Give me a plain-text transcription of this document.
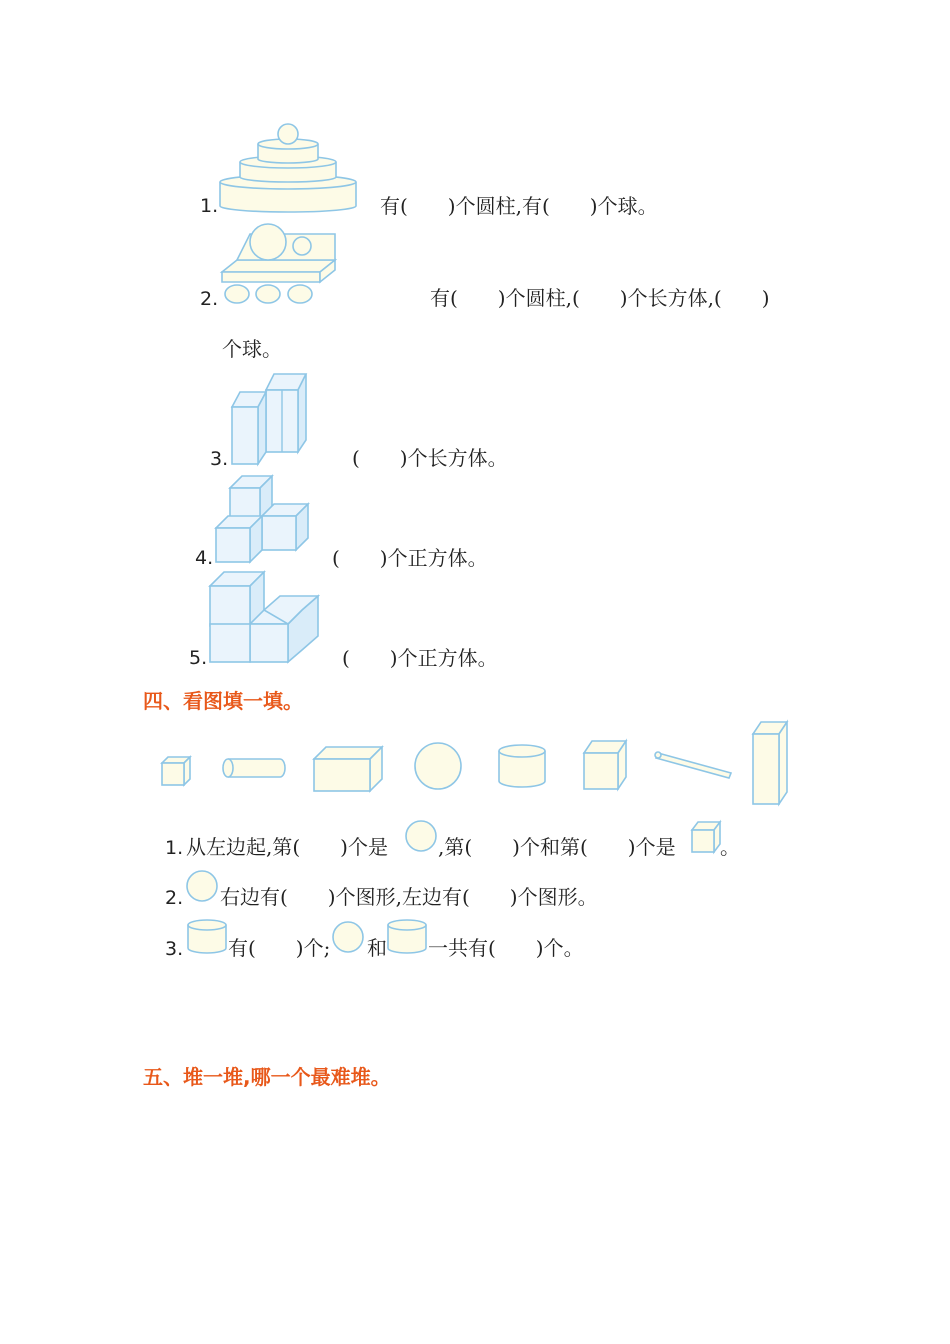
1.	有(　　)个圆柱,有(　　)个球。
2.	有(　　)个圆柱,(　　)个长方体,(　　)
个球。
3.	(　　)个长方体。
4.	(　　)个正方体。
5.	(　　)个正方体。
四、看图填一填。
1. 从左边起,第(　　)个是	,第(　　)个和第(　　)个是 。
2. 右边有(　　)个图形,左边有(　　)个图形。
3. 有(　　)个; 和 一共有(　　)个。
五、堆一堆,哪一个最难堆。
